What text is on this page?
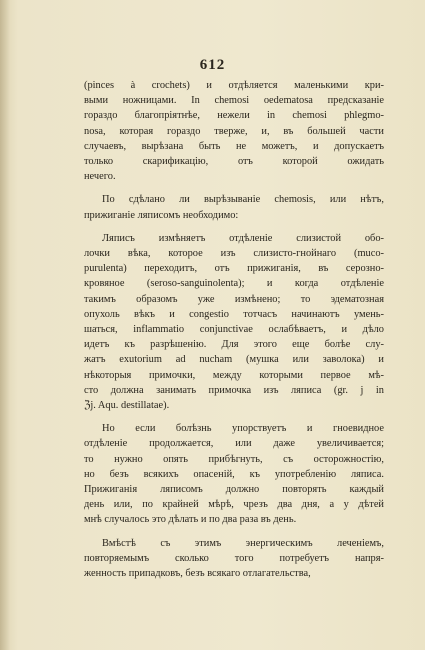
612
(pinces à crochets) и отдѣляется маленькими кри-
выми ножницами. In chemosi oedematosa предсказаніе
гораздо благопріятнѣе, нежели in chemosi phlegmo-
nosa, которая гораздо тверже, и, въ большей части
случаевъ, вырѣзана быть не можетъ, и допускаетъ
только скарификацію, отъ которой ожидать
нечего.
По сдѣлано ли вырѣзываніе chemosis, или нѣтъ,
прижиганіе ляписомъ необходимо:
Ляписъ измѣняетъ отдѣленіе слизистой обо-
лочки вѣка, которое изъ слизисто-гнойнаго (muco-
purulenta) переходитъ, отъ прижиганія, въ серозно-
кровяное (seroso-sanguinolenta); и когда отдѣленіе
такимъ образомъ уже измѣнено; то эдематозная
опухоль вѣкъ и congestio тотчасъ начинаютъ умень-
шаться, inflammatio conjunctivae ослабѣваетъ, и дѣло
идетъ къ разрѣшенію. Для этого еще болѣе слу-
жатъ exutorium ad nucham (мушка или заволока) и
нѣкоторыя примочки, между которыми первое мѣ-
сто должна занимать примочка изъ ляписа (gr. j in
ℨj. Aqu. destillatae).
Но если болѣзнь упорствуетъ и гноевидное
отдѣленіе продолжается, или даже увеличивается;
то нужно опять прибѣгнуть, съ осторожностію,
но безъ всякихъ опасеній, къ употребленію ляписа.
Прижиганія ляписомъ должно повторять каждый
день или, по крайней мѣрѣ, чрезъ два дня, а у дѣтей
мнѣ случалось это дѣлать и по два раза въ день.
Вмѣстѣ съ этимъ энергическимъ леченіемъ,
повторяемымъ сколько того потребуетъ напря-
женность припадковъ, безъ всякаго отлагательства,
